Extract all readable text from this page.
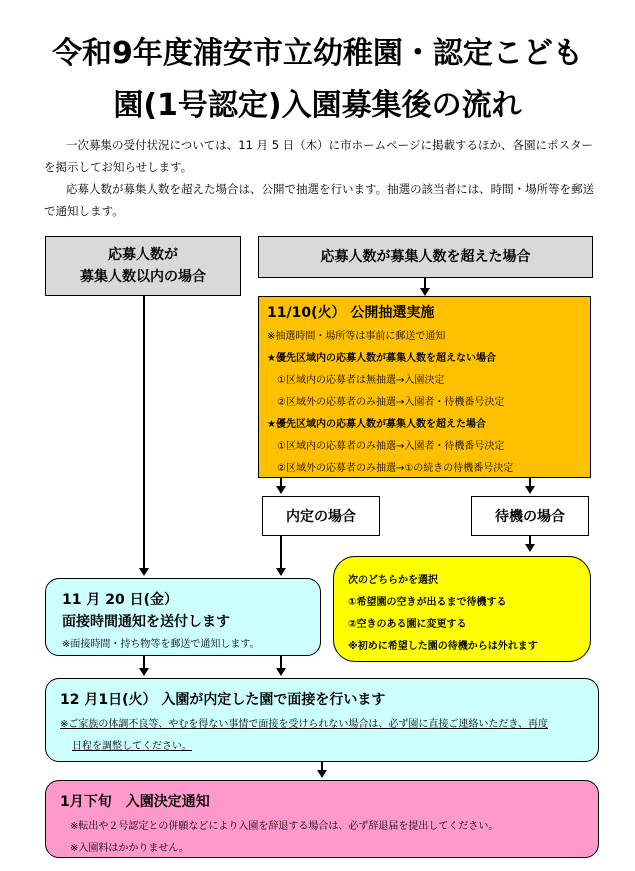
令和9年度浦安市立幼稚園・認定こども
園(1号認定)入園募集後の流れ
一次募集の受付状況については、11 月 5 日（木）に市ホームページに掲載するほか、各園にポスターを掲示してお知らせします。
応募人数が募集人数を超えた場合は、公開で抽選を行います。抽選の該当者には、時間・場所等を郵送で通知します。
応募人数が
募集人数以内の場合
応募人数が募集人数を超えた場合
11/10(火） 公開抽選実施
※抽選時間・場所等は事前に郵送で通知
★優先区域内の応募人数が募集人数を超えない場合
①区域内の応募者は無抽選→入園決定
②区域外の応募者のみ抽選→入園者・待機番号決定
★優先区域内の応募人数が募集人数を超えた場合
①区域内の応募者のみ抽選→入園者・待機番号決定
②区域外の応募者のみ抽選→①の続きの待機番号決定
内定の場合	待機の場合
次のどちらかを選択
①希望園の空きが出るまで待機する
②空きのある園に変更する
※初めに希望した園の待機からは外れます
11 月 20 日(金）
面接時間通知を送付します
※面接時間・持ち物等を郵送で通知します。
12 月1日(火） 入園が内定した園で面接を行います
※ご家族の体調不良等、やむを得ない事情で面接を受けられない場合は、必ず園に直接ご連絡いただき、再度
日程を調整してください。
1月下旬　入園決定通知
※転出や２号認定との併願などにより入園を辞退する場合は、必ず辞退届を提出してください。
※入園料はかかりません。
